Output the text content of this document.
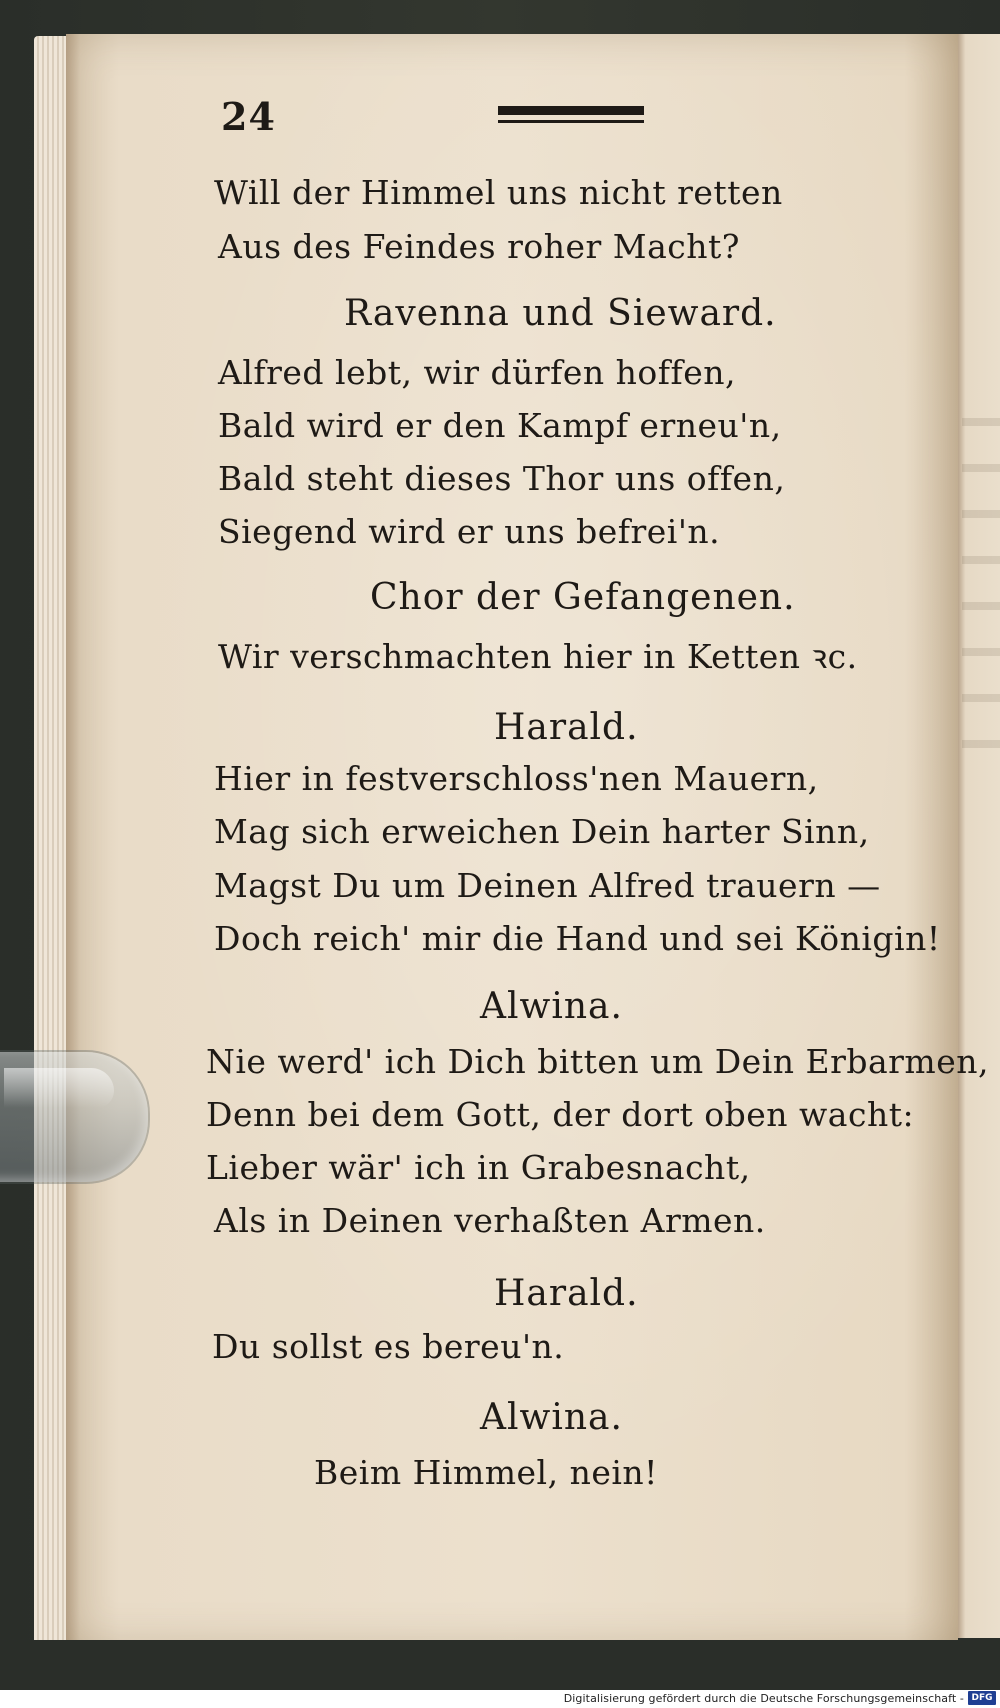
24
Will der Himmel uns nicht retten
Aus des Feindes roher Macht?
Ravenna und Sieward.
Alfred lebt, wir dürfen hoffen,
Bald wird er den Kampf erneu'n,
Bald steht dieses Thor uns offen,
Siegend wird er uns befrei'n.
Chor der Gefangenen.
Wir verschmachten hier in Ketten ꝛc.
Harald.
Hier in festverschloss'nen Mauern,
Mag sich erweichen Dein harter Sinn,
Magst Du um Deinen Alfred trauern —
Doch reich' mir die Hand und sei Königin!
Alwina.
Nie werd' ich Dich bitten um Dein Erbarmen,
Denn bei dem Gott, der dort oben wacht:
Lieber wär' ich in Grabesnacht,
Als in Deinen verhaßten Armen.
Harald.
Du sollst es bereu'n.
Alwina.
Beim Himmel, nein!
Digitalisierung gefördert durch die Deutsche Forschungsgemeinschaft - DFG
